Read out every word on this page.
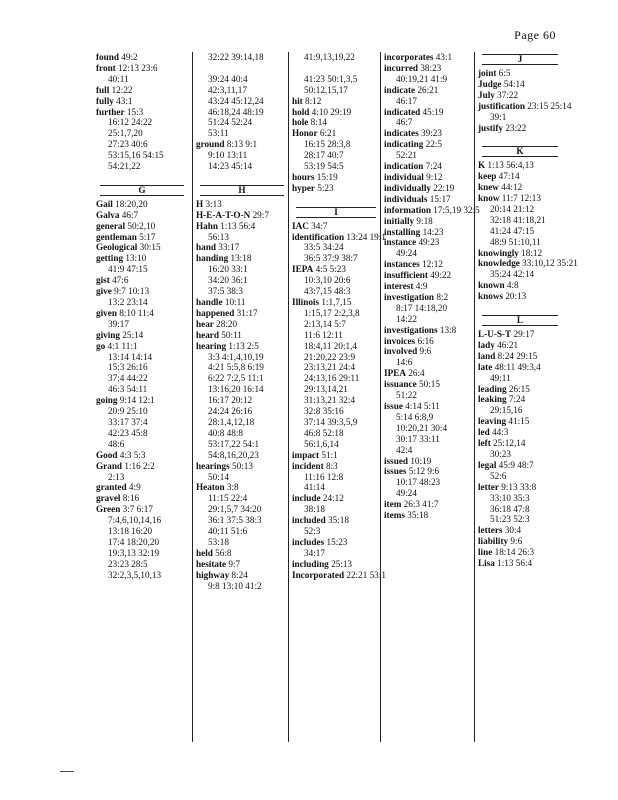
Page 60
found 49:2

front 12:13 23:6

40:11
full 12:22

fully 43:1

further 15:3

16:12 24:22
25:1,7,20
27:23 40:6
53:15,16 54:15
54:21,22
G
Gail 18:20,20

Galva 46:7

general 50:2,10

gentleman 5:17

Geological 30:15

getting 13:10

41:9 47:15
gist 47:6

give 9:7 10:13

13:2 23:14
given 8:10 11:4

39:17
giving 25:14

go 4:1 11:1

13:14 14:14
15:3 26:16
37:4 44:22
46:3 54:11
going 9:14 12:1

20:9 25:10
33:17 37:4
42:23 45:8
48:6
Good 4:3 5:3

Grand 1:16 2:2

2:13
granted 4:9

gravel 8:16

Green 3:7 6:17

7:4,6,10,14,16
13:18 16:20
17:4 18:20,20
19:3,13 32:19
23:23 28:5
32:2,3,5,10,13
32:22 39:14,18

39:24 40:4
42:3,11,17
43:24 45:12,24
46:18,24 48:19
51:24 52:24
53:11
ground 8:13 9:1

9:10 13:11
14:23 45:14
H
H 3:13

H-E-A-T-O-N 29:7

Hahn 1:13 56:4

56:13
hand 33:17

handing 13:18

16:20 33:1
34:20 36:1
37:5 38:3
handle 10:11

happened 31:17

hear 28:20

heard 50:11

hearing 1:13 2:5

3:3 4:1,4,10,19
4:21 5:5,8 6:19
6:22 7:2,5 11:1
13:16,20 16:14
16:17 20:12
24:24 26:16
28:1,4,12,18
40:8 48:8
53:17,22 54:1
54:8,16,20,23
hearings 50:13

50:14
Heaton 3:8

11:15 22:4
29:1,5,7 34:20
36:1 37:5 38:3
40:11 51:6
53:18
held 56:8

hesitate 9:7

highway 8:24

9:8 13:10 41:2
41:9,13,19,22

41:23 50:1,3,5
50:12,15,17
hit 8:12

hold 4:10 29:19

hole 8:14

Honor 6:21

16:15 28:3,8
28:17 40:7
53:19 54:5
hours 15:19

hyper 5:23

I
IAC 34:7

identification 13:24 19:1

33:5 34:24
36:5 37:9 38:7
IEPA 4:5 5:23

10:3,10 20:6
43:7,15 48:3
Illinois 1:1,7,15

1:15,17 2:2,3,8
2:13,14 5:7
11:6 12:11
18:4,11 20:1,4
21:20,22 23:9
23:13,21 24:4
24:13,16 29:11
29:13,14,21
31:13,21 32:4
32:8 35:16
37:14 39:3,5,9
46:8 52:18
56:1,6,14
impact 51:1

incident 8:3

11:16 12:8
41:14
include 24:12

38:18
included 35:18

52:3
includes 15:23

34:17
including 25:13

Incorporated 22:21 53:1

incorporates 43:1

incurred 38:23

40:19,21 41:9
indicate 26:21

46:17
indicated 45:19

46:7
indicates 39:23

indicating 22:5

52:21
indication 7:24

individual 9:12

individually 22:19

individuals 15:17

information 17:5,19 32:5

initially 9:18

installing 14:23

instance 49:23

49:24
instances 12:12

insufficient 49:22

interest 4:9

investigation 8:2

8:17 14:18,20
14:22
investigations 13:8

invoices 6:16

involved 9:6

14:6
IPEA 26:4

issuance 50:15

51:22
issue 4:14 5:11

5:14 6:8,9
10:20,21 30:4
30:17 33:11
42:4
issued 10:19

issues 5:12 9:6

10:17 48:23
49:24
item 26:3 41:7

items 35:18

J
joint 6:5

Judge 54:14

July 37:22

justification 23:15 25:14

39:1
justify 23:22

K
K 1:13 56:4,13

keep 47:14

knew 44:12

know 11:7 12:13

20:14 21:12
32:18 41:18,21
41:24 47:15
48:9 51:10,11
knowingly 18:12

knowledge 33:10,12 35:21

35:24 42:14
known 4:8

knows 20:13

L
L-U-S-T 29:17

lady 46:21

land 8:24 29:15

late 48:11 49:3,4

49:11
leading 26:15

leaking 7:24

29:15,16
leaving 41:15

led 44:3

left 25:12,14

30:23
legal 45:9 48:7

52:6
letter 9:13 33:8

33:10 35:3
36:18 47:8
51:23 52:3
letters 30:4

liability 9:6

line 18:14 26:3

Lisa 1:13 56:4
